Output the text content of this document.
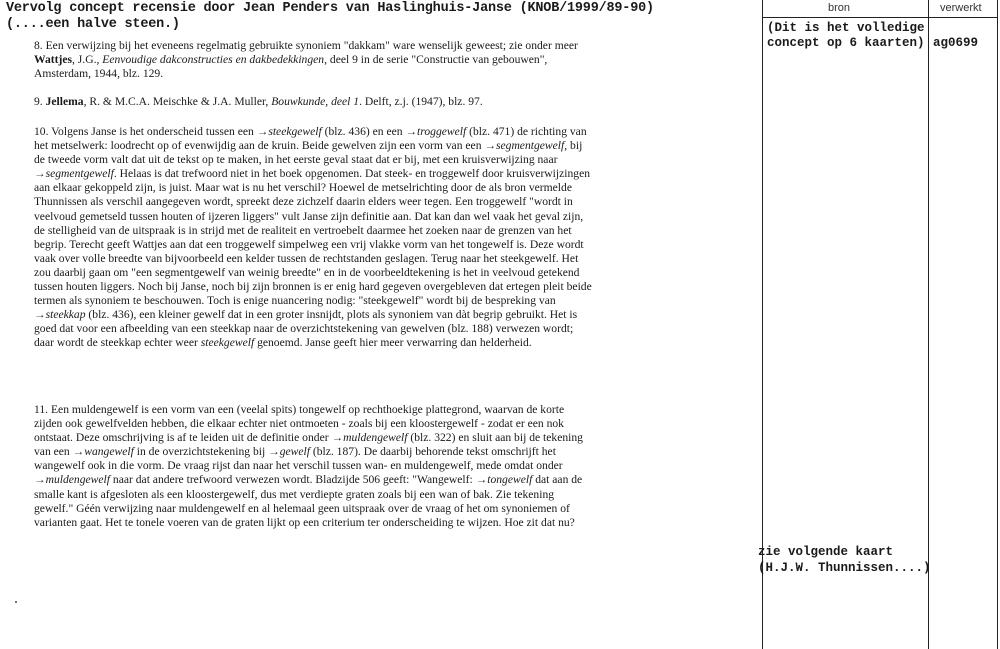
Vervolg concept recensie door Jean Penders van Haslinghuis-Janse (KNOB/1999/89-90)
(....een halve steen.)
bron	verwerkt
(Dit is het volledige
concept op 6 kaarten) ag0699

8. Een verwijzing bij het eveneens regelmatig gebruikte synoniem "dakkam" ware wenselijk geweest; zie onder meer Wattjes, J.G., Eenvoudige dakconstructies en dakbedekkingen, deel 9 in de serie "Constructie van gebouwen", Amsterdam, 1944, blz. 129.

9. Jellema, R. & M.C.A. Meischke & J.A. Muller, Bouwkunde, deel 1. Delft, z.j. (1947), blz. 97.

10. Volgens Janse is het onderscheid tussen een →steekgewelf (blz. 436) en een →troggewelf (blz. 471) de richting van het metselwerk: loodrecht op of evenwijdig aan de kruin. Beide gewelven zijn een vorm van een →segmentgewelf, bij de tweede vorm valt dat uit de tekst op te maken, in het eerste geval staat dat er bij, met een kruisverwijzing naar →segmentgewelf. Helaas is dat trefwoord niet in het boek opgenomen. Dat steek- en troggewelf door kruisverwijzingen aan elkaar gekoppeld zijn, is juist. Maar wat is nu het verschil? Hoewel de metselrichting door de als bron vermelde Thunnissen als verschil aangegeven wordt, spreekt deze zichzelf daarin elders weer tegen. Een troggewelf "wordt in veelvoud gemetseld tussen houten of ijzeren liggers" vult Janse zijn definitie aan. Dat kan dan wel vaak het geval zijn, de stelligheid van de uitspraak is in strijd met de realiteit en vertroebelt daarmee het zoeken naar de grenzen van het begrip. Terecht geeft Wattjes aan dat een troggewelf simpelweg een vrij vlakke vorm van het tongewelf is. Deze wordt vaak over volle breedte van bijvoorbeeld een kelder tussen de rechtstanden geslagen. Terug naar het steekgewelf. Het zou daarbij gaan om "een segmentgewelf van weinig breedte" en in de voorbeeldtekening is het in veelvoud getekend tussen houten liggers. Noch bij Janse, noch bij zijn bronnen is er enig hard gegeven overgebleven dat ertegen pleit beide termen als synoniem te beschouwen. Toch is enige nuancering nodig: "steekgewelf" wordt bij de bespreking van →steekkap (blz. 436), een kleiner gewelf dat in een groter insnijdt, plots als synoniem van dàt begrip gebruikt. Het is goed dat voor een afbeelding van een steekkap naar de overzichtstekening van gewelven (blz. 188) verwezen wordt; daar wordt de steekkap echter weer steekgewelf genoemd. Janse geeft hier meer verwarring dan helderheid.

11. Een muldengewelf is een vorm van een (veelal spits) tongewelf op rechthoekige plattegrond, waarvan de korte zijden ook gewelfvelden hebben, die elkaar echter niet ontmoeten - zoals bij een kloostergewelf - zodat er een nok ontstaat. Deze omschrijving is af te leiden uit de definitie onder →muldengewelf (blz. 322) en sluit aan bij de tekening van een →wangewelf in de overzichtstekening bij →gewelf (blz. 187). De daarbij behorende tekst omschrijft het wangewelf ook in die vorm. De vraag rijst dan naar het verschil tussen wan- en muldengewelf, mede omdat onder →muldengewelf naar dat andere trefwoord verwezen wordt. Bladzijde 506 geeft: "Wangewelf: →tongewelf dat aan de smalle kant is afgesloten als een kloostergewelf, dus met verdiepte graten zoals bij een wan of bak. Zie tekening gewelf." Géén verwijzing naar muldengewelf en al helemaal geen uitspraak over de vraag of het om synoniemen of varianten gaat. Het te tonele voeren van de graten lijkt op een criterium ter onderscheiding te wijzen. Hoe zit dat nu?

zie volgende kaart
(H.J.W. Thunnissen....)
